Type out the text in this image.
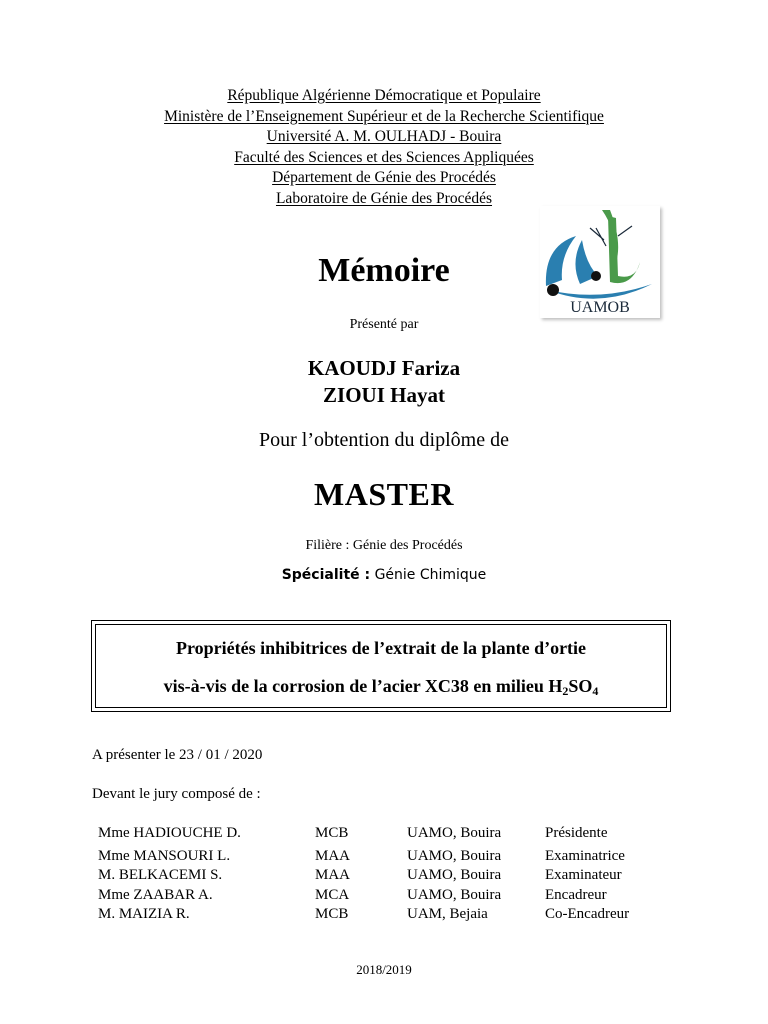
République Algérienne Démocratique et Populaire
Ministère de l’Enseignement Supérieur et de la Recherche Scientifique
Université A. M. OULHADJ - Bouira
Faculté des Sciences et des Sciences Appliquées
Département de Génie des Procédés
Laboratoire de Génie des Procédés
UAMOB
Mémoire
Présenté par
KAOUDJ Fariza
ZIOUI Hayat
Pour l’obtention du diplôme de
MASTER
Filière : Génie des Procédés
Spécialité : Génie Chimique
Propriétés inhibitrices de l’extrait de la plante d’ortie
vis-à-vis de la corrosion de l’acier XC38 en milieu $H_2SO_4$
A présenter le 23 / 01 / 2020
Devant le jury composé de :
Mme HADIOUCHE D.	MCB	UAMO, Bouira	Présidente
Mme MANSOURI L.	MAA	UAMO, Bouira	Examinatrice
M. BELKACEMI S.	MAA	UAMO, Bouira	Examinateur
Mme ZAABAR A.	MCA	UAMO, Bouira	Encadreur
M. MAIZIA R.	MCB	UAM, Bejaia	Co-Encadreur
2018/2019
